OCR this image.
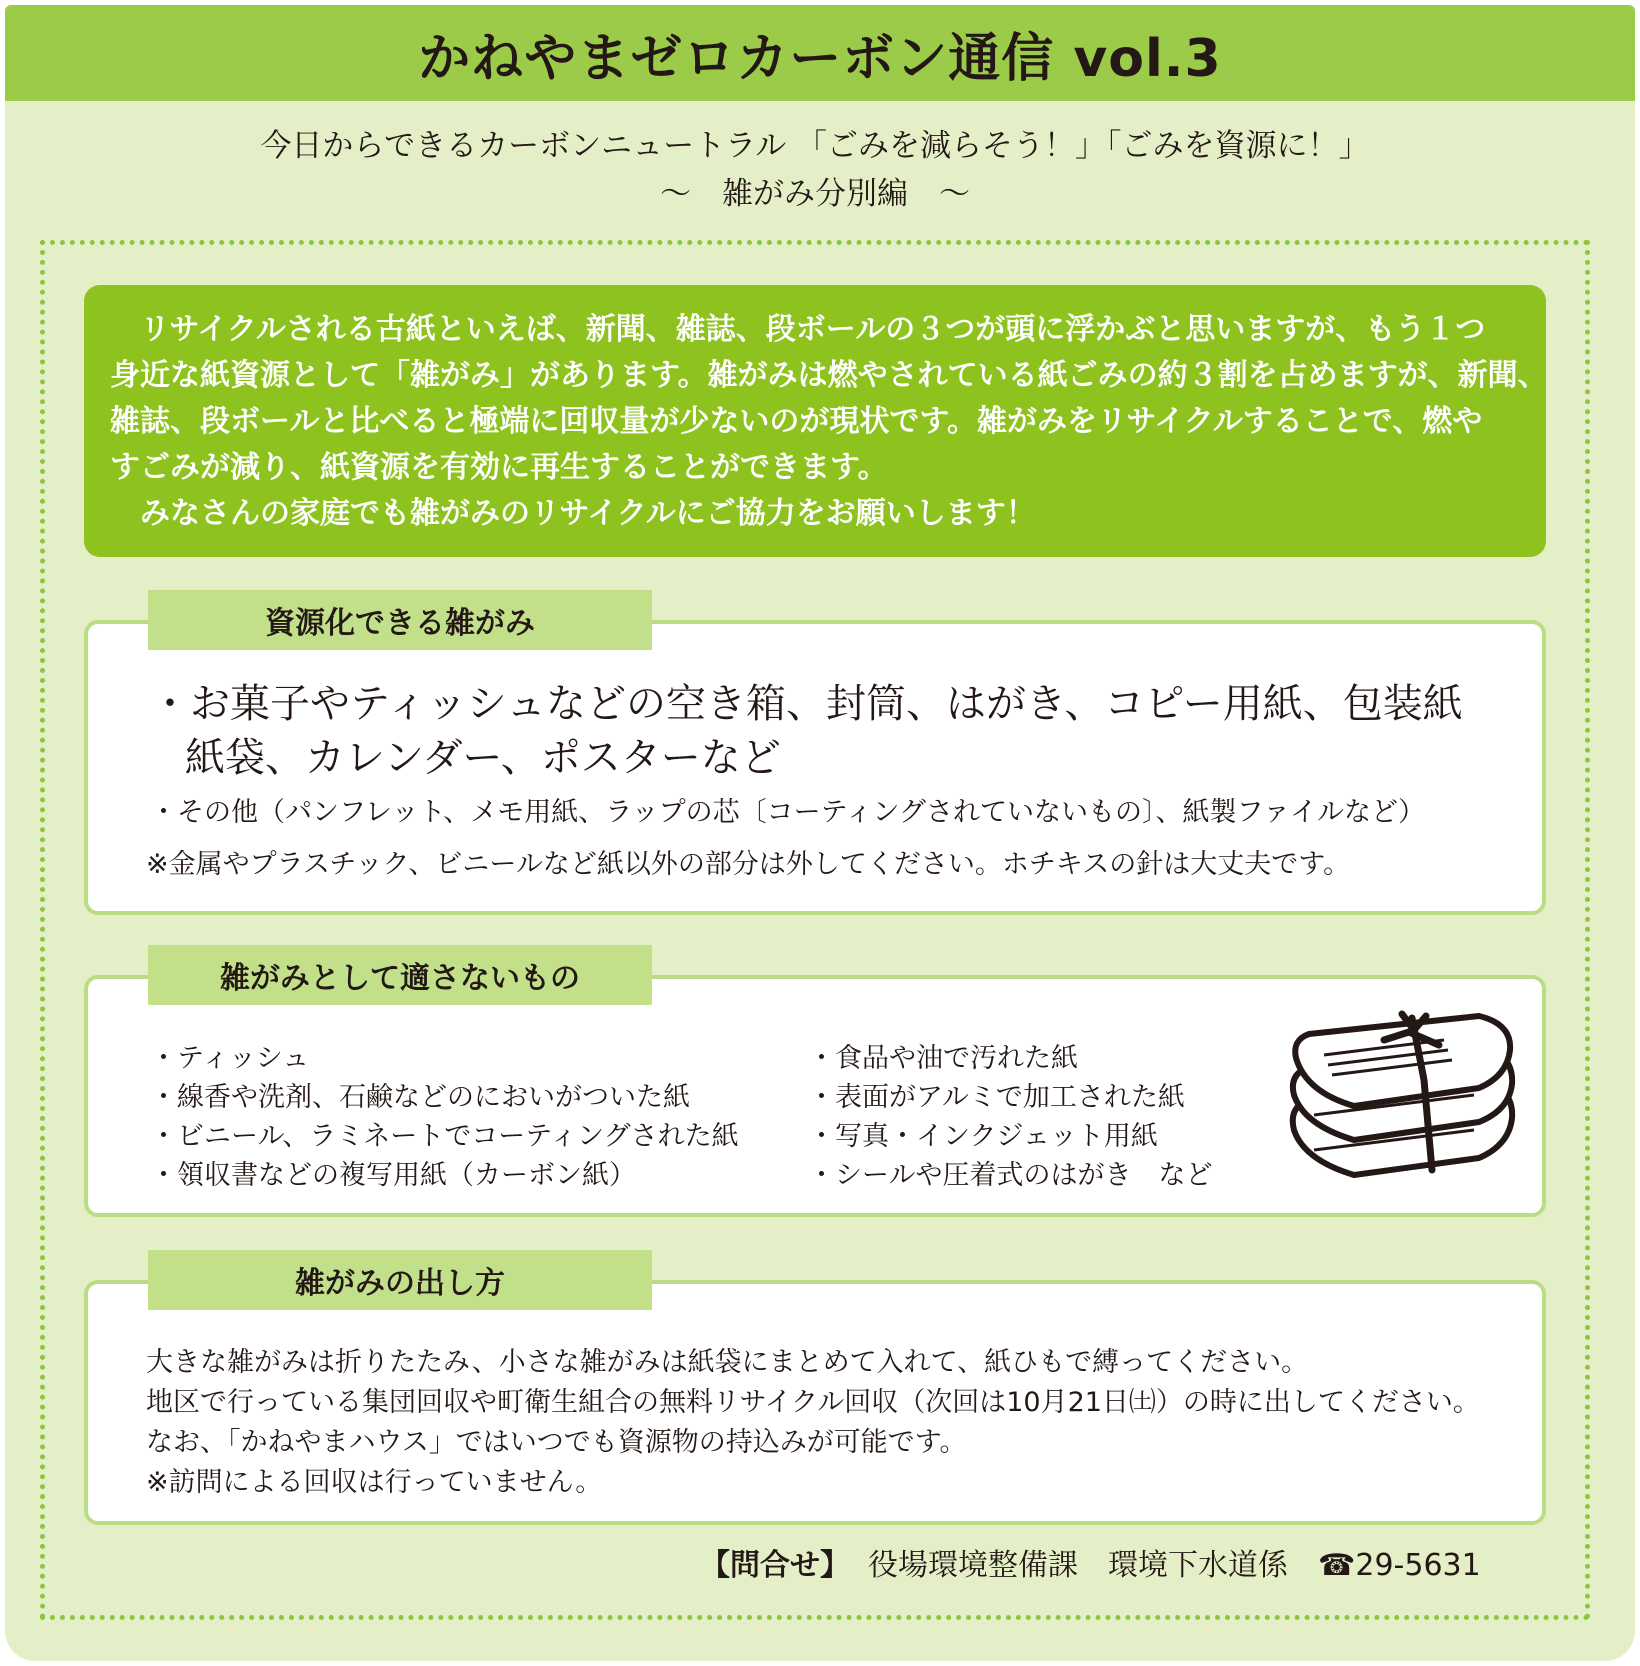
かねやまゼロカーボン通信 vol.3
今日からできるカーボンニュートラル 「ごみを減らそう！」「ごみを資源に！」
～　雑がみ分別編　～

　リサイクルされる古紙といえば、新聞、雑誌、段ボールの３つが頭に浮かぶと思いますが、もう１つ

身近な紙資源として「雑がみ」があります。雑がみは燃やされている紙ごみの約３割を占めますが、新聞、

雑誌、段ボールと比べると極端に回収量が少ないのが現状です。雑がみをリサイクルすることで、燃や

すごみが減り、紙資源を有効に再生することができます。

　みなさんの家庭でも雑がみのリサイクルにご協力をお願いします！

資源化できる雑がみ
・お菓子やティッシュなどの空き箱、封筒、はがき、コピー用紙、包装紙
紙袋、カレンダー、ポスターなど
・その他（パンフレット、メモ用紙、ラップの芯〔コーティングされていないもの〕、紙製ファイルなど）
※金属やプラスチック、ビニールなど紙以外の部分は外してください。ホチキスの針は大丈夫です。
雑がみとして適さないもの
・ティッシュ
・線香や洗剤、石鹸などのにおいがついた紙
・ビニール、ラミネートでコーティングされた紙
・領収書などの複写用紙（カーボン紙）
・食品や油で汚れた紙
・表面がアルミで加工された紙
・写真・インクジェット用紙
・シールや圧着式のはがき　など
雑がみの出し方
大きな雑がみは折りたたみ、小さな雑がみは紙袋にまとめて入れて、紙ひもで縛ってください。
地区で行っている集団回収や町衛生組合の無料リサイクル回収（次回は10月21日㈯）の時に出してください。
なお、「かねやまハウス」ではいつでも資源物の持込みが可能です。
※訪問による回収は行っていません。
【問合せ】 役場環境整備課 環境下水道係 ☎29-5631
